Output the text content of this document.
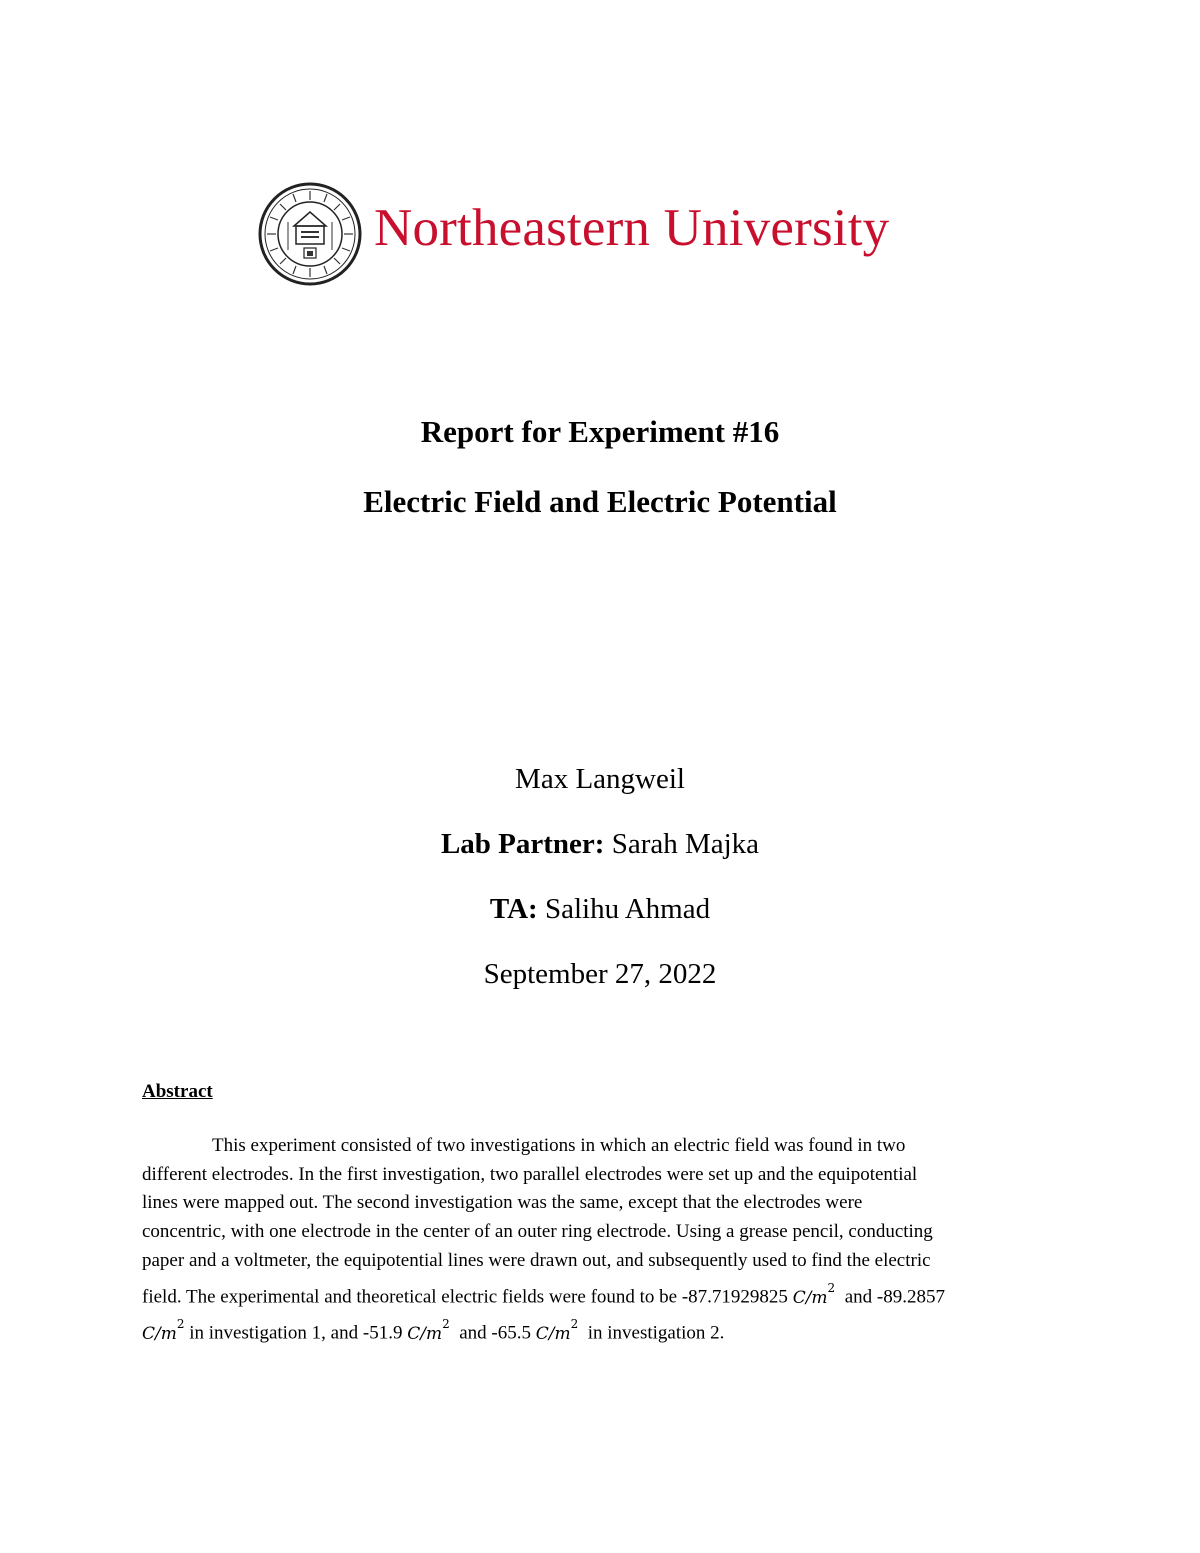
Northeastern University
Report for Experiment #16
Electric Field and Electric Potential
Max Langweil
Lab Partner: Sarah Majka
TA: Salihu Ahmad
September 27, 2022
Abstract
This experiment consisted of two investigations in which an electric field was found in two
different electrodes. In the first investigation, two parallel electrodes were set up and the equipotential
lines were mapped out. The second investigation was the same, except that the electrodes were
concentric, with one electrode in the center of an outer ring electrode. Using a grease pencil, conducting
paper and a voltmeter, the equipotential lines were drawn out, and subsequently used to find the electric
field. The experimental and theoretical electric fields were found to be -87.71929825 $C/m^2$ and -89.2857
$C/m^2$ in investigation 1, and -51.9 $C/m^2$ and -65.5 $C/m^2$ in investigation 2.
